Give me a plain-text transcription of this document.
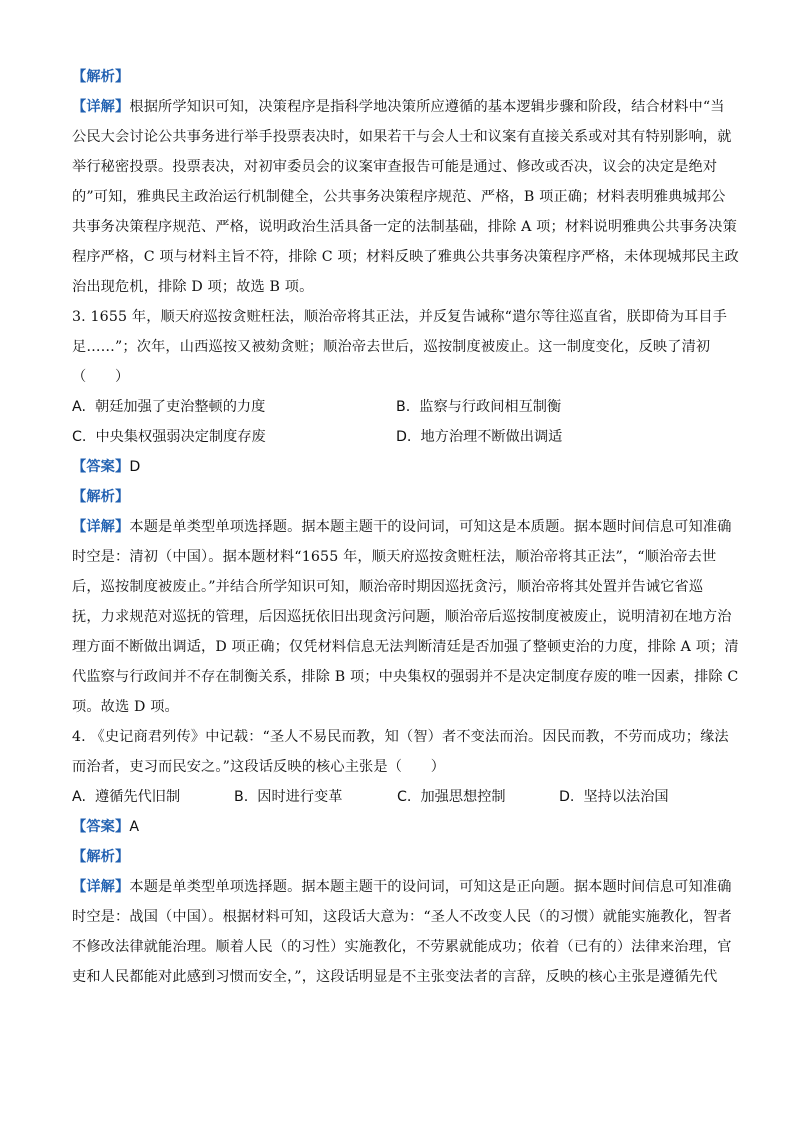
【解析】
【详解】根据所学知识可知，决策程序是指科学地决策所应遵循的基本逻辑步骤和阶段，结合材料中“当
公民大会讨论公共事务进行举手投票表决时，如果若干与会人士和议案有直接关系或对其有特别影响，就
举行秘密投票。投票表决，对初审委员会的议案审查报告可能是通过、修改或否决，议会的决定是绝对
的”可知，雅典民主政治运行机制健全，公共事务决策程序规范、严格，B 项正确；材料表明雅典城邦公
共事务决策程序规范、严格，说明政治生活具备一定的法制基础，排除 A 项；材料说明雅典公共事务决策
程序严格，C 项与材料主旨不符，排除 C 项；材料反映了雅典公共事务决策程序严格，未体现城邦民主政
治出现危机，排除 D 项；故选 B 项。
3. 1655 年，顺天府巡按贪赃枉法，顺治帝将其正法，并反复告诫称“遣尔等往巡直省，朕即倚为耳目手
足……”；次年，山西巡按又被劾贪赃；顺治帝去世后，巡按制度被废止。这一制度变化，反映了清初
（　　）
A. 朝廷加强了吏治整顿的力度	B. 监察与行政间相互制衡
C. 中央集权强弱决定制度存废	D. 地方治理不断做出调适
【答案】D
【解析】
【详解】本题是单类型单项选择题。据本题主题干的设问词，可知这是本质题。据本题时间信息可知准确
时空是：清初（中国）。据本题材料“1655 年，顺天府巡按贪赃枉法，顺治帝将其正法”，“顺治帝去世
后，巡按制度被废止。”并结合所学知识可知，顺治帝时期因巡抚贪污，顺治帝将其处置并告诫它省巡
抚，力求规范对巡抚的管理，后因巡抚依旧出现贪污问题，顺治帝后巡按制度被废止，说明清初在地方治
理方面不断做出调适，D 项正确；仅凭材料信息无法判断清廷是否加强了整顿吏治的力度，排除 A 项；清
代监察与行政间并不存在制衡关系，排除 B 项；中央集权的强弱并不是决定制度存废的唯一因素，排除 C
项。故选 D 项。
4. 《史记商君列传》中记载：“圣人不易民而教，知（智）者不变法而治。因民而教，不劳而成功；缘法
而治者，吏习而民安之。”这段话反映的核心主张是（　　）
A. 遵循先代旧制	B. 因时进行变革	C. 加强思想控制	D. 坚持以法治国
【答案】A
【解析】
【详解】本题是单类型单项选择题。据本题主题干的设问词，可知这是正向题。据本题时间信息可知准确
时空是：战国（中国）。根据材料可知，这段话大意为：“圣人不改变人民（的习惯）就能实施教化，智者
不修改法律就能治理。顺着人民（的习性）实施教化，不劳累就能成功；依着（已有的）法律来治理，官
吏和人民都能对此感到习惯而安全，”，这段话明显是不主张变法者的言辞，反映的核心主张是遵循先代
